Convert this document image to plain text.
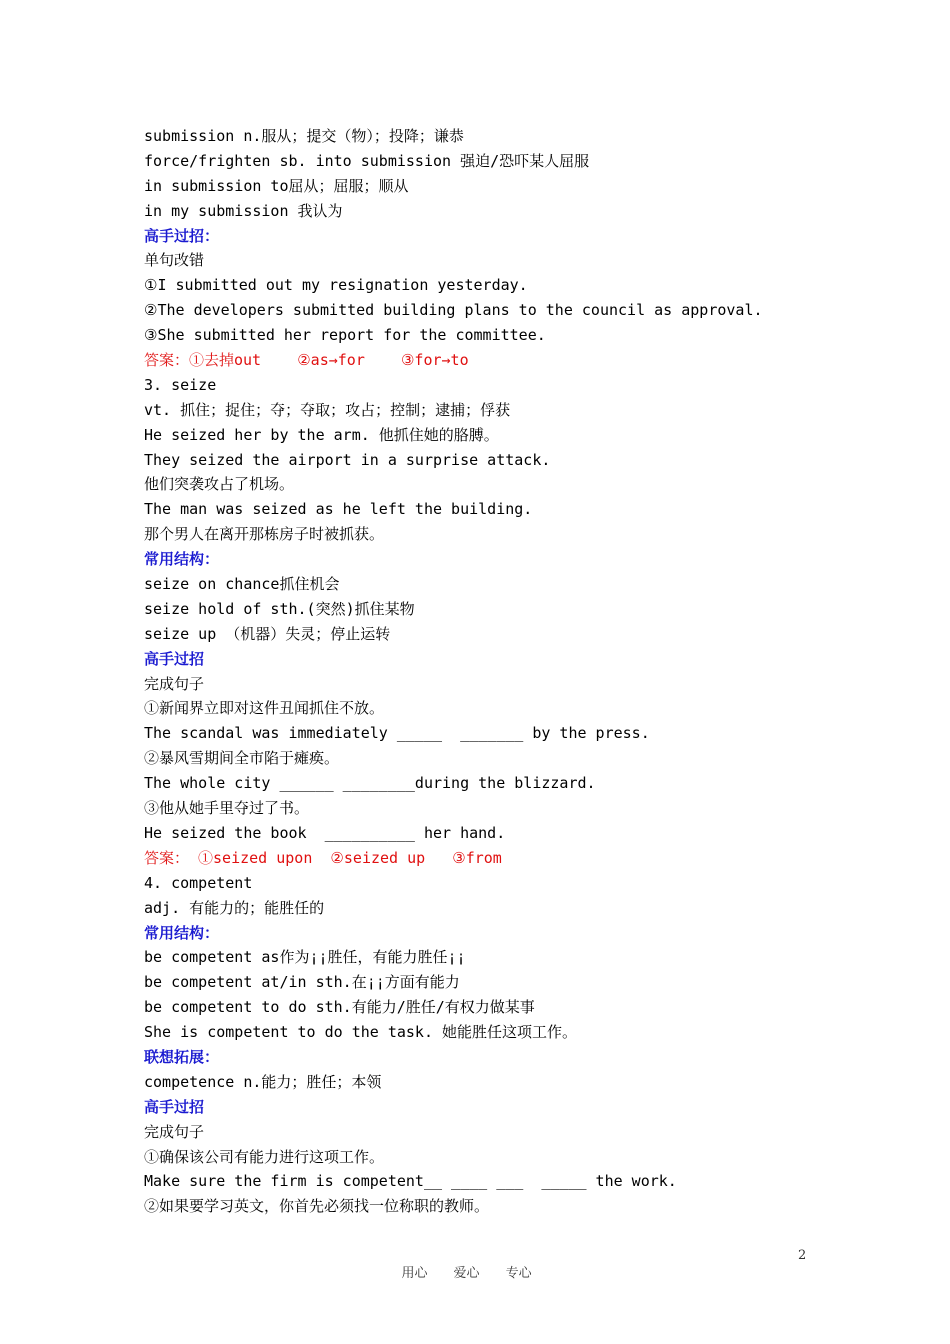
submission n.服从；提交（物）；投降；谦恭
force/frighten sb. into submission 强迫/恐吓某人屈服
in submission to屈从；屈服；顺从
in my submission 我认为
高手过招：
单句改错
①I submitted out my resignation yesterday.
②The developers submitted building plans to the council as approval.
③She submitted her report for the committee.
答案：①去掉out    ②as→for    ③for→to
3. seize
vt. 抓住；捉住；夺；夺取；攻占；控制；逮捕；俘获
He seized her by the arm. 他抓住她的胳膊。
They seized the airport in a surprise attack.
他们突袭攻占了机场。
The man was seized as he left the building.
那个男人在离开那栋房子时被抓获。
常用结构：
seize on chance抓住机会
seize hold of sth.(突然)抓住某物
seize up （机器）失灵；停止运转
高手过招
完成句子
①新闻界立即对这件丑闻抓住不放。
The scandal was immediately _____  _______ by the press.
②暴风雪期间全市陷于瘫痪。
The whole city ______ ________during the blizzard.
③他从她手里夺过了书。
He seized the book  __________ her hand.
答案： ①seized upon  ②seized up   ③from
4. competent
adj. 有能力的；能胜任的
常用结构：
be competent as作为¡¡胜任，有能力胜任¡¡
be competent at/in sth.在¡¡方面有能力
be competent to do sth.有能力/胜任/有权力做某事
She is competent to do the task. 她能胜任这项工作。
联想拓展：
competence n.能力；胜任；本领
高手过招
完成句子
①确保该公司有能力进行这项工作。
Make sure the firm is competent__ ____ ___  _____ the work.
②如果要学习英文，你首先必须找一位称职的教师。

用心 爱心 专心

2
